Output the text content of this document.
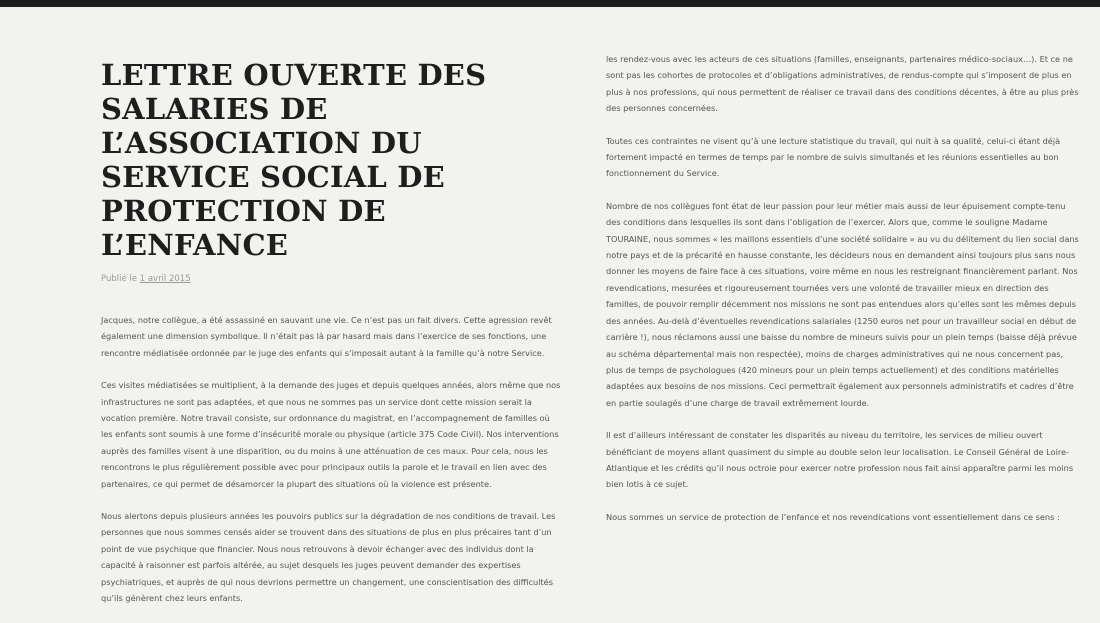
LETTRE OUVERTE DES SALARIES DE L’ASSOCIATION DU SERVICE SOCIAL DE PROTECTION DE L’ENFANCE
Publié le 1 avril 2015

Jacques, notre collègue, a été assassiné en sauvant une vie. Ce n’est pas un fait divers. Cette agression revêt également une dimension symbolique. Il n’était pas là par hasard mais dans l’exercice de ses fonctions, une rencontre médiatisée ordonnée par le juge des enfants qui s’imposait autant à la famille qu’à notre Service.

Ces visites médiatisées se multiplient, à la demande des juges et depuis quelques années, alors même que nos infrastructures ne sont pas adaptées, et que nous ne sommes pas un service dont cette mission serait la vocation première. Notre travail consiste, sur ordonnance du magistrat, en l’accompagnement de familles où les enfants sont soumis à une forme d’insécurité morale ou physique (article 375 Code Civil). Nos interventions auprès des familles visent à une disparition, ou du moins à une atténuation de ces maux. Pour cela, nous les rencontrons le plus régulièrement possible avec pour principaux outils la parole et le travail en lien avec des partenaires, ce qui permet de désamorcer la plupart des situations où la violence est présente.

Nous alertons depuis plusieurs années les pouvoirs publics sur la dégradation de nos conditions de travail. Les personnes que nous sommes censés aider se trouvent dans des situations de plus en plus précaires tant d’un point de vue psychique que financier. Nous nous retrouvons à devoir échanger avec des individus dont la capacité à raisonner est parfois altérée, au sujet desquels les juges peuvent demander des expertises psychiatriques, et auprès de qui nous devrions permettre un changement, une conscientisation des difficultés qu’ils génèrent chez leurs enfants.

les rendez-vous avec les acteurs de ces situations (familles, enseignants, partenaires médico-sociaux…). Et ce ne sont pas les cohortes de protocoles et d’obligations administratives, de rendus-compte qui s’imposent de plus en plus à nos professions, qui nous permettent de réaliser ce travail dans des conditions décentes, à être au plus près des personnes concernées.

Toutes ces contraintes ne visent qu’à une lecture statistique du travail, qui nuit à sa qualité, celui-ci étant déjà fortement impacté en termes de temps par le nombre de suivis simultanés et les réunions essentielles au bon fonctionnement du Service.

Nombre de nos collègues font état de leur passion pour leur métier mais aussi de leur épuisement compte-tenu des conditions dans lesquelles ils sont dans l’obligation de l’exercer. Alors que, comme le souligne Madame TOURAINE, nous sommes « les maillons essentiels d’une société solidaire » au vu du délitement du lien social dans notre pays et de la précarité en hausse constante, les décideurs nous en demandent ainsi toujours plus sans nous donner les moyens de faire face à ces situations, voire même en nous les restreignant financièrement parlant. Nos revendications, mesurées et rigoureusement tournées vers une volonté de travailler mieux en direction des familles, de pouvoir remplir décemment nos missions ne sont pas entendues alors qu’elles sont les mêmes depuis des années. Au-delà d’éventuelles revendications salariales (1250 euros net pour un travailleur social en début de carrière !), nous réclamons aussi une baisse du nombre de mineurs suivis pour un plein temps (baisse déjà prévue au schéma départemental mais non respectée), moins de charges administratives qui ne nous concernent pas, plus de temps de psychologues (420 mineurs pour un plein temps actuellement) et des conditions matérielles adaptées aux besoins de nos missions. Ceci permettrait également aux personnels administratifs et cadres d’être en partie soulagés d’une charge de travail extrêmement lourde.

Il est d’ailleurs intéressant de constater les disparités au niveau du territoire, les services de milieu ouvert bénéficiant de moyens allant quasiment du simple au double selon leur localisation. Le Conseil Général de Loire-Atlantique et les crédits qu’il nous octroie pour exercer notre profession nous fait ainsi apparaître parmi les moins bien lotis à ce sujet.

Nous sommes un service de protection de l’enfance et nos revendications vont essentiellement dans ce sens :
